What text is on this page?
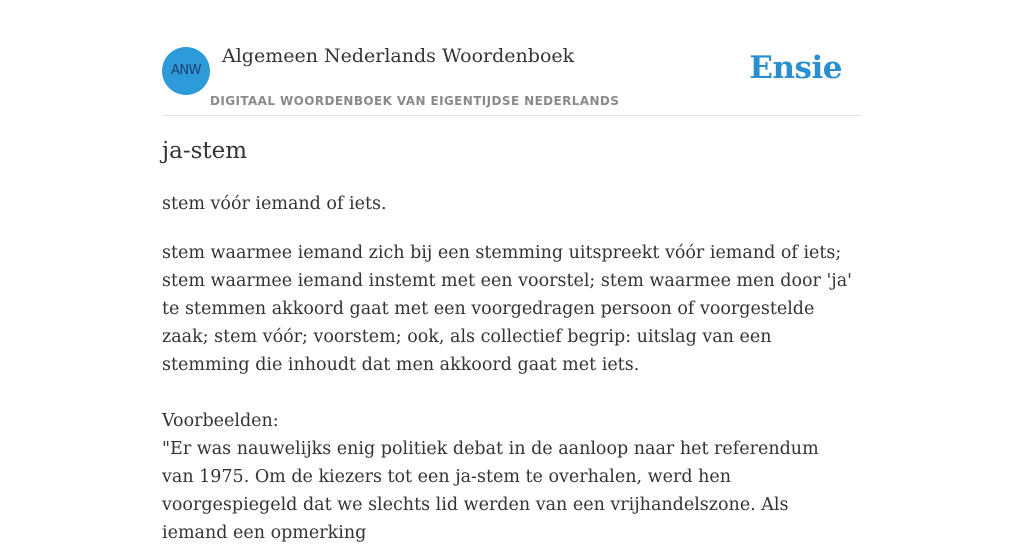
ANW
Algemeen Nederlands Woordenboek
DIGITAAL WOORDENBOEK VAN EIGENTIJDSE NEDERLANDS
Ensie
ja-stem

stem vóór iemand of iets.

stem waarmee iemand zich bij een stemming uitspreekt vóór iemand of iets; stem waarmee iemand instemt met een voorstel; stem waarmee men door 'ja' te stemmen akkoord gaat met een voorgedragen persoon of voorgestelde zaak; stem vóór; voorstem; ook, als collectief begrip: uitslag van een stemming die inhoudt dat men akkoord gaat met iets.

Voorbeelden:

"Er was nauwelijks enig politiek debat in de aanloop naar het referendum van 1975. Om de kiezers tot een ja-stem te overhalen, werd hen voorgespiegeld dat we slechts lid werden van een vrijhandelszone. Als iemand een opmerking
